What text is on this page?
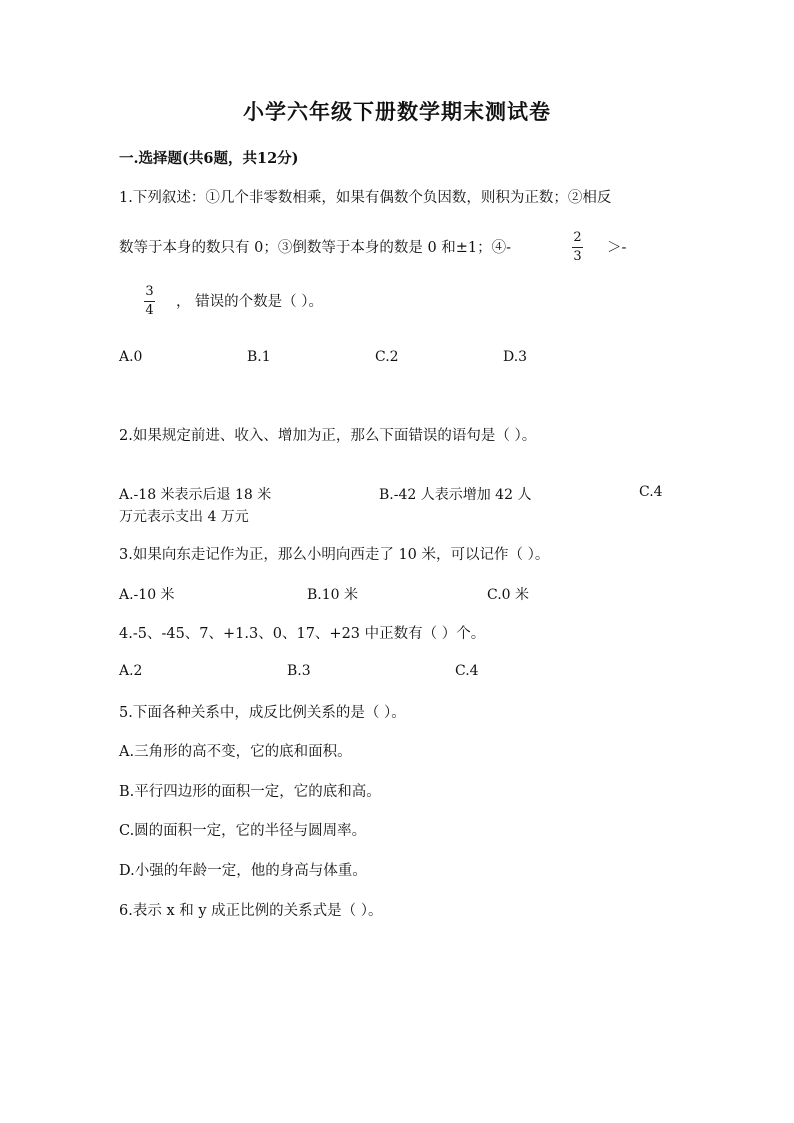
小学六年级下册数学期末测试卷
一.选择题(共6题，共12分)
1.下列叙述：①几个非零数相乘，如果有偶数个负因数，则积为正数；②相反
数等于本身的数只有 0；③倒数等于本身的数是 0 和±1；④-
2
3
＞-
3
4
， 错误的个数是（ ）。
A.0	B.1	C.2	D.3
2.如果规定前进、收入、增加为正，那么下面错误的语句是（ ）。
A.-18 米表示后退 18 米	B.-42 人表示增加 42 人	C.4
万元表示支出 4 万元
3.如果向东走记作为正，那么小明向西走了 10 米，可以记作（ ）。
A.-10 米	B.10 米	C.0 米
4.-5、-45、7、+1.3、0、17、+23 中正数有（ ）个。
A.2	B.3	C.4
5.下面各种关系中，成反比例关系的是（ ）。
A.三角形的高不变，它的底和面积。
B.平行四边形的面积一定，它的底和高。
C.圆的面积一定，它的半径与圆周率。
D.小强的年龄一定，他的身高与体重。
6.表示 x 和 y 成正比例的关系式是（ ）。
